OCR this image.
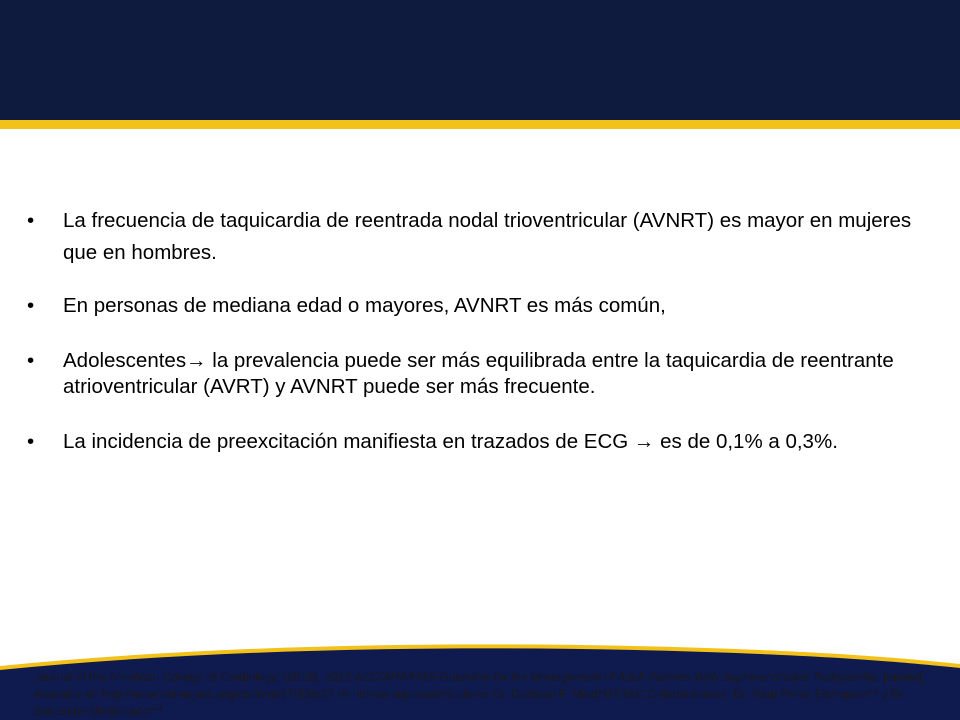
• La frecuencia de taquicardia de reentrada nodal trioventricular (AVNRT) es mayor en mujeres que en hombres.
• En personas de mediana edad o mayores, AVNRT es más común,
• Adolescentes→ la prevalencia puede ser más equilibrada entre la taquicardia de reentrante atrioventricular (AVRT) y AVNRT puede ser más frecuente.
• La incidencia de preexcitación manifiesta en trazados de ECG → es de 0,1% a 0,3%.
Journal of the American College of Cardiology. (2015). 2015 ACC/AHA/HRS Guideline for the Management of Adult Patients With Supraventricular Tachycardia. [online] Available at: http://www.onlinejacc.org/content/67/13/e27 /Arritmias supraventriculares Dr. Gustavo F. Maid*MTSAC Colaboradores: Dr. Raúl Pérez Etchepare** y Dr. Sebastián Maldonado***
